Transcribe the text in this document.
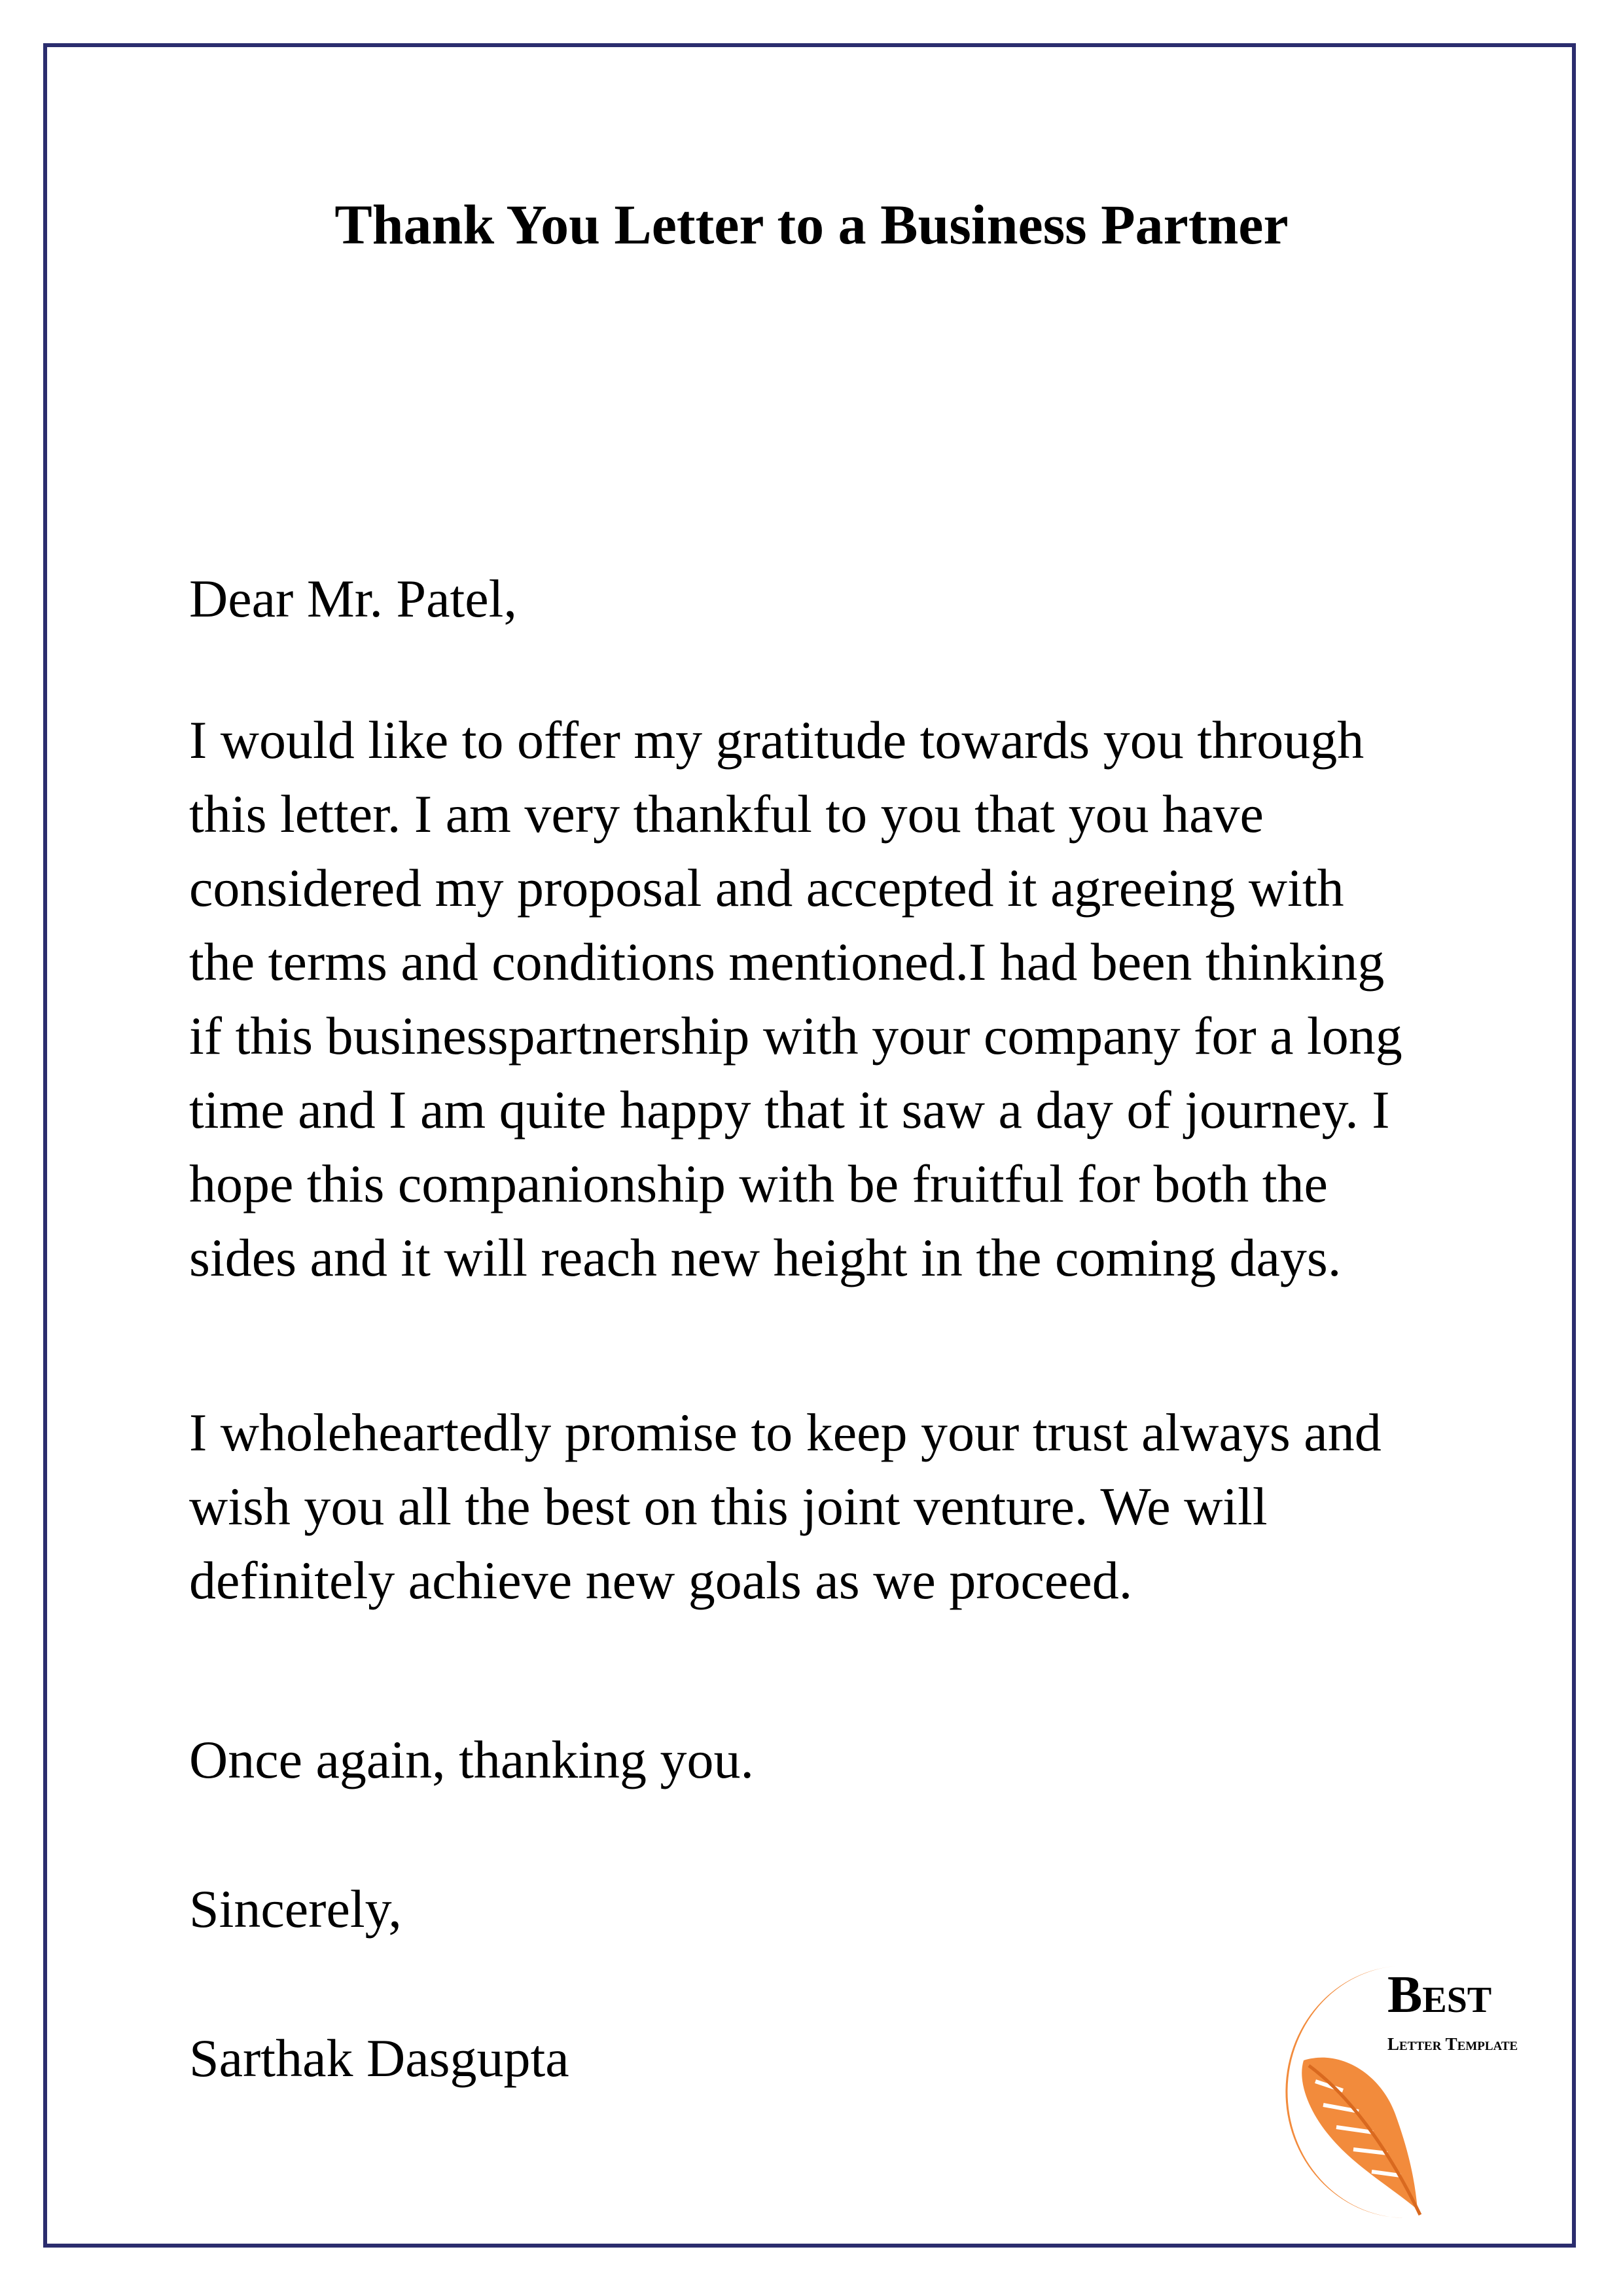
Thank You Letter to a Business Partner
Dear Mr. Patel,
I would like to offer my gratitude towards you through
this letter. I am very thankful to you that you have
considered my proposal and accepted it agreeing with
the terms and conditions mentioned.I had been thinking
if this businesspartnership with your company for a long
time and I am quite happy that it saw a day of journey. I
hope this companionship with be fruitful for both the
sides and it will reach new height in the coming days.
I wholeheartedly promise to keep your trust always and
wish you all the best on this joint venture. We will
definitely achieve new goals as we proceed.
Once again, thanking you.
Sincerely,
Sarthak Dasgupta
Best
Letter Template
